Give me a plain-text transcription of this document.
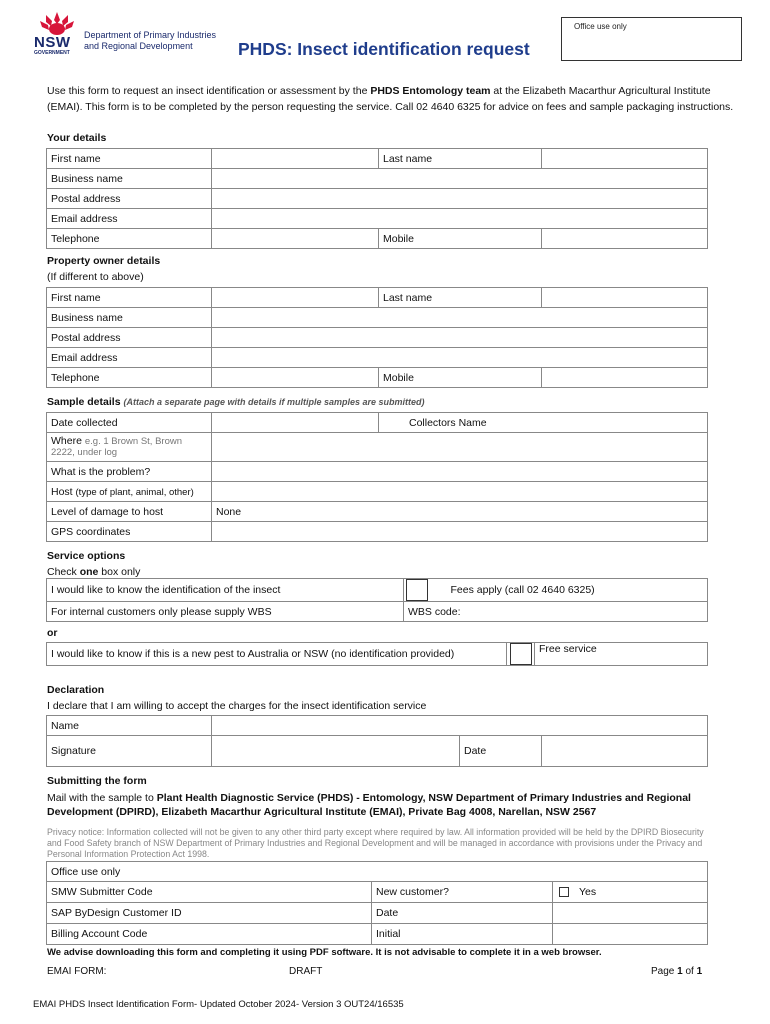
NSW
GOVERNMENT
Department of Primary Industries
and Regional Development	PHDS: Insect identification request
Office use only
Use this form to request an insect identification or assessment by the PHDS Entomology team at the Elizabeth Macarthur Agricultural Institute (EMAI). This form is to be completed by the person requesting the service. Call 02 4640 6325 for advice on fees and sample packaging instructions.
Your details
First name		Last name	
Business name			
Postal address			
Email address			
Telephone		Mobile	
Property owner details
(If different to above)
First name		Last name	
Business name			
Postal address			
Email address			
Telephone		Mobile	
Sample details (Attach a separate page with details if multiple samples are submitted)
Date collected		Collectors Name
Where e.g. 1 Brown St, Brown 2222, under log		
What is the problem?		
Host (type of plant, animal, other)		
Level of damage to host	None	
GPS coordinates		
Service options
Check one box only
I would like to know the identification of the insect		Fees apply (call 02 4640 6325)
For internal customers only please supply WBS	WBS code:	
or
I would like to know if this is a new pest to Australia or NSW (no identification provided)		Free service
Declaration
I declare that I am willing to accept the charges for the insect identification service
Name			
Signature		Date	
Submitting the form
Mail with the sample to Plant Health Diagnostic Service (PHDS) - Entomology, NSW Department of Primary Industries and Regional Development (DPIRD), Elizabeth Macarthur Agricultural Institute (EMAI), Private Bag 4008, Narellan, NSW 2567
Privacy notice: Information collected will not be given to any other third party except where required by law. All information provided will be held by the DPIRD Biosecurity and Food Safety branch of NSW Department of Primary Industries and Regional Development and will be managed in accordance with provisions under the Privacy and Personal Information Protection Act 1998.
Office use only		
SMW Submitter Code	New customer?	Yes
SAP ByDesign Customer ID	Date	
Billing Account Code	Initial	
We advise downloading this form and completing it using PDF software. It is not advisable to complete it in a web browser.
EMAI FORM:	DRAFT	Page 1 of 1
EMAI PHDS Insect Identification Form- Updated October 2024- Version 3 OUT24/16535
